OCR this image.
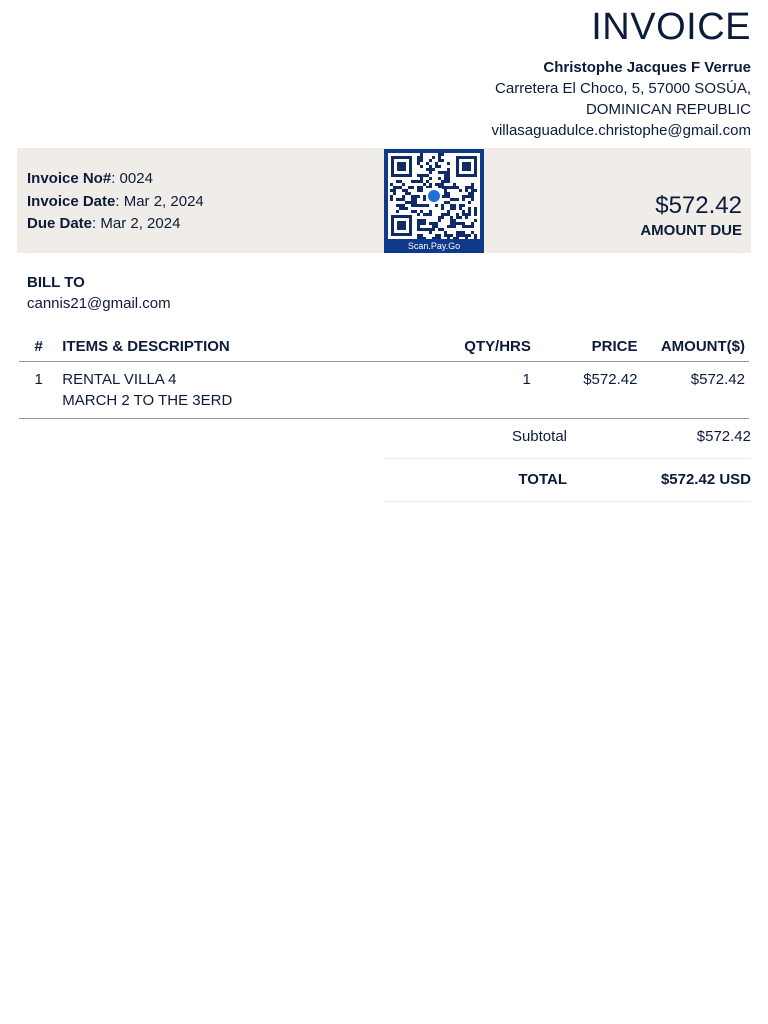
INVOICE
Christophe Jacques F Verrue
Carretera El Choco, 5, 57000 SOSÚA,
DOMINICAN REPUBLIC
villasaguadulce.christophe@gmail.com
Invoice No#: 0024
Invoice Date: Mar 2, 2024
Due Date: Mar 2, 2024
Scan.Pay.Go
$572.42
AMOUNT DUE
BILL TO
cannis21@gmail.com
#	ITEMS & DESCRIPTION	QTY/HRS	PRICE	AMOUNT($)
1	RENTAL VILLA 4
MARCH 2 TO THE 3ERD	1	$572.42	$572.42
Subtotal	$572.42
TOTAL	$572.42 USD
